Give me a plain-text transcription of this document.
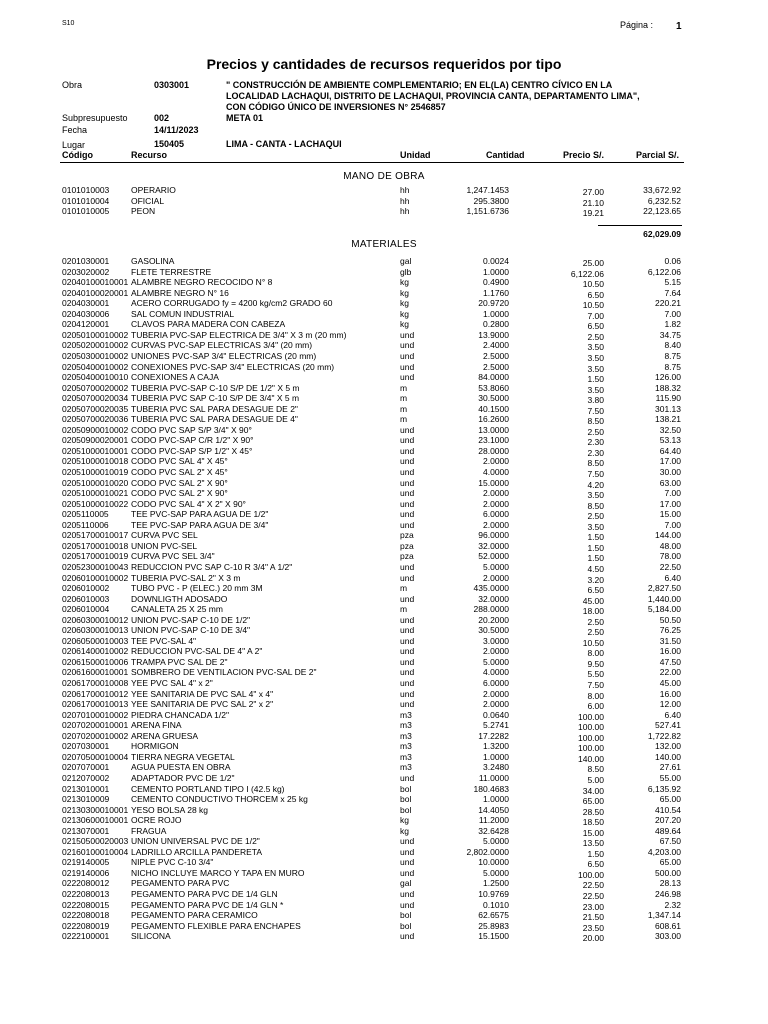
S10	Página : 1
Precios y cantidades de recursos requeridos por tipo
Obra	0303001	" CONSTRUCCIÓN DE AMBIENTE COMPLEMENTARIO; EN EL(LA) CENTRO CÍVICO EN LA LOCALIDAD LACHAQUI, DISTRITO DE LACHAQUI, PROVINCIA CANTA, DEPARTAMENTO LIMA", CON CÓDIGO ÚNICO DE INVERSIONES N° 2546857
Subpresupuesto	002	META 01
Fecha	14/11/2023
Lugar	150405	LIMA - CANTA - LACHAQUI
Código	Recurso	Unidad	Cantidad	Precio S/.	Parcial S/.
MANO DE OBRA
0101010003	OPERARIO	hh	1,247.1453	27.00	33,672.92
0101010004	OFICIAL	hh	295.3800	21.10	6,232.52
0101010005	PEON	hh	1,151.6736	19.21	22,123.65
62,029.09
MATERIALES
0201030001	GASOLINA	gal	0.0024	25.00	0.06
0203020002	FLETE TERRESTRE	glb	1.0000	6,122.06	6,122.06
02040100010001 ALAMBRE NEGRO RECOCIDO N° 8	kg	0.4900	10.50	5.15
02040100020001 ALAMBRE NEGRO N° 16	kg	1.1760	6.50	7.64
0204030001	ACERO CORRUGADO fy = 4200 kg/cm2 GRADO 60	kg	20.9720	10.50	220.21
0204030006	SAL COMUN INDUSTRIAL	kg	1.0000	7.00	7.00
0204120001	CLAVOS PARA MADERA CON CABEZA	kg	0.2800	6.50	1.82
02050100010002 TUBERIA PVC-SAP ELECTRICA DE 3/4" X 3 m (20 mm)	und	13.9000	2.50	34.75
02050200010002 CURVAS PVC-SAP ELECTRICAS 3/4" (20 mm)	und	2.4000	3.50	8.40
02050300010002 UNIONES PVC-SAP 3/4" ELECTRICAS (20 mm)	und	2.5000	3.50	8.75
02050400010002 CONEXIONES PVC-SAP 3/4" ELECTRICAS (20 mm)	und	2.5000	3.50	8.75
02050400010010 CONEXIONES A CAJA	und	84.0000	1.50	126.00
02050700020002 TUBERIA PVC-SAP C-10 S/P DE 1/2" X 5 m	m	53.8060	3.50	188.32
02050700020034 TUBERIA PVC SAP C-10 S/P DE 3/4" X 5 m	m	30.5000	3.80	115.90
02050700020035 TUBERIA PVC SAL PARA DESAGUE DE 2"	m	40.1500	7.50	301.13
02050700020036 TUBERIA PVC SAL PARA DESAGUE DE 4"	m	16.2600	8.50	138.21
02050900010002 CODO PVC SAP S/P 3/4" X 90°	und	13.0000	2.50	32.50
02050900020001 CODO PVC-SAP C/R 1/2" X 90°	und	23.1000	2.30	53.13
02051000010001 CODO PVC-SAP S/P 1/2" X 45°	und	28.0000	2.30	64.40
02051000010018 CODO PVC SAL 4" X 45°	und	2.0000	8.50	17.00
02051000010019 CODO PVC SAL 2" X 45°	und	4.0000	7.50	30.00
02051000010020 CODO PVC SAL 2" X 90°	und	15.0000	4.20	63.00
02051000010021 CODO PVC SAL 2" X 90°	und	2.0000	3.50	7.00
02051000010022 CODO PVC SAL 4" X 2" X 90°	und	2.0000	8.50	17.00
0205110005	TEE PVC-SAP PARA AGUA DE 1/2"	und	6.0000	2.50	15.00
0205110006	TEE PVC-SAP PARA AGUA DE 3/4"	und	2.0000	3.50	7.00
02051700010017 CURVA PVC SEL	pza	96.0000	1.50	144.00
02051700010018 UNION PVC-SEL	pza	32.0000	1.50	48.00
02051700010019 CURVA PVC SEL 3/4"	pza	52.0000	1.50	78.00
02052300010043 REDUCCION PVC SAP C-10 R 3/4" A 1/2"	und	5.0000	4.50	22.50
02060100010002 TUBERIA PVC-SAL 2" X 3 m	und	2.0000	3.20	6.40
0206010002	TUBO PVC - P (ELEC.) 20 mm 3M	m	435.0000	6.50	2,827.50
0206010003	DOWNLIGTH ADOSADO	und	32.0000	45.00	1,440.00
0206010004	CANALETA 25 X 25 mm	m	288.0000	18.00	5,184.00
02060300010012 UNION PVC-SAP C-10 DE 1/2"	und	20.2000	2.50	50.50
02060300010013 UNION PVC-SAP C-10 DE 3/4"	und	30.5000	2.50	76.25
02060500010003 TEE PVC-SAL 4"	und	3.0000	10.50	31.50
02061400010002 REDUCCION PVC-SAL DE 4" A 2"	und	2.0000	8.00	16.00
02061500010006 TRAMPA PVC SAL DE 2"	und	5.0000	9.50	47.50
02061600010001 SOMBRERO DE VENTILACION PVC-SAL DE 2"	und	4.0000	5.50	22.00
02061700010008 YEE PVC SAL 4" x 2"	und	6.0000	7.50	45.00
02061700010012 YEE SANITARIA DE PVC SAL 4" x 4"	und	2.0000	8.00	16.00
02061700010013 YEE SANITARIA DE PVC SAL 2" x 2"	und	2.0000	6.00	12.00
02070100010002 PIEDRA CHANCADA 1/2"	m3	0.0640	100.00	6.40
02070200010001 ARENA FINA	m3	5.2741	100.00	527.41
02070200010002 ARENA GRUESA	m3	17.2282	100.00	1,722.82
0207030001	HORMIGON	m3	1.3200	100.00	132.00
02070500010004 TIERRA NEGRA VEGETAL	m3	1.0000	140.00	140.00
0207070001	AGUA PUESTA EN OBRA	m3	3.2480	8.50	27.61
0212070002	ADAPTADOR PVC DE 1/2"	und	11.0000	5.00	55.00
0213010001	CEMENTO PORTLAND TIPO I (42.5 kg)	bol	180.4683	34.00	6,135.92
0213010009	CEMENTO CONDUCTIVO THORCEM x 25 kg	bol	1.0000	65.00	65.00
02130300010001 YESO BOLSA 28 kg	bol	14.4050	28.50	410.54
02130600010001 OCRE ROJO	kg	11.2000	18.50	207.20
0213070001	FRAGUA	kg	32.6428	15.00	489.64
02150500020003 UNION UNIVERSAL PVC DE 1/2"	und	5.0000	13.50	67.50
02160100010004 LADRILLO ARCILLA PANDERETA	und	2,802.0000	1.50	4,203.00
0219140005	NIPLE PVC C-10 3/4"	und	10.0000	6.50	65.00
0219140006	NICHO INCLUYE MARCO Y TAPA EN MURO	und	5.0000	100.00	500.00
0222080012	PEGAMENTO PARA PVC	gal	1.2500	22.50	28.13
0222080013	PEGAMENTO PARA PVC DE 1/4 GLN	und	10.9769	22.50	246.98
0222080015	PEGAMENTO PARA PVC DE 1/4 GLN *	und	0.1010	23.00	2.32
0222080018	PEGAMENTO PARA CERAMICO	bol	62.6575	21.50	1,347.14
0222080019	PEGAMENTO FLEXIBLE PARA ENCHAPES	bol	25.8983	23.50	608.61
0222100001	SILICONA	und	15.1500	20.00	303.00
